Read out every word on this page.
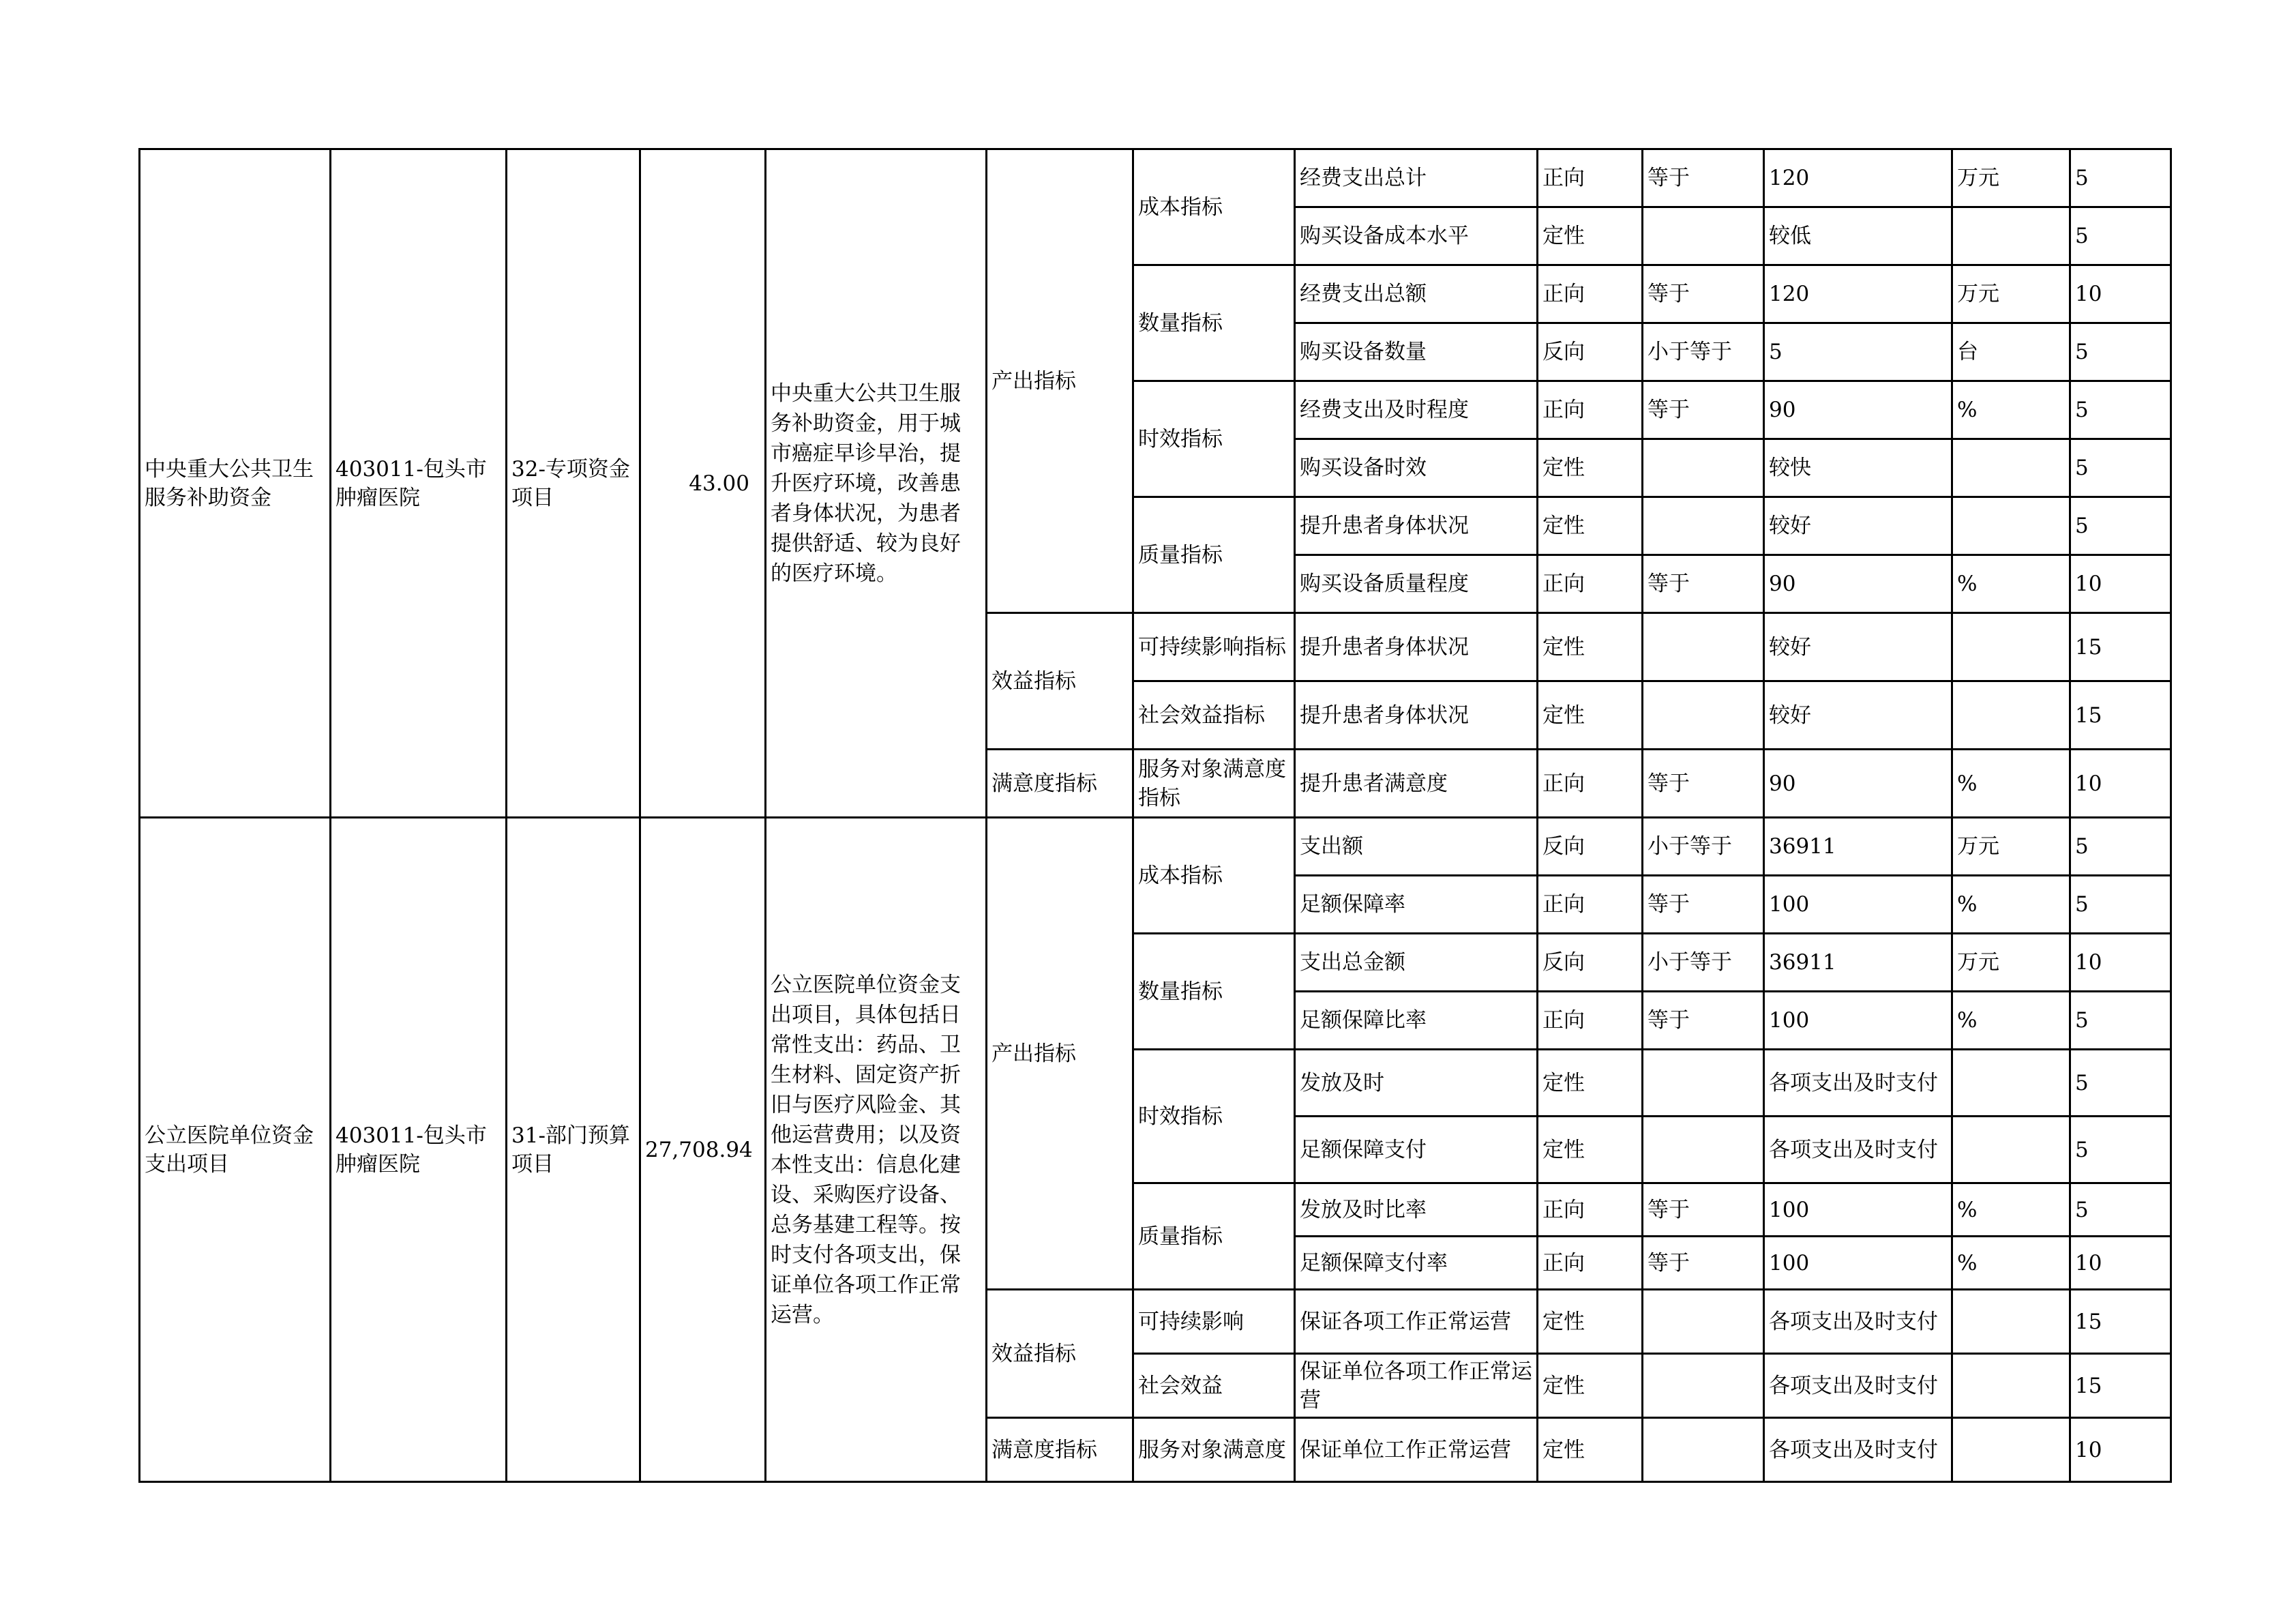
中央重大公共卫生服务补助资金	403011-包头市肿瘤医院	32-专项资金项目	43.00	中央重大公共卫生服务补助资金，用于城市癌症早诊早治，提升医疗环境，改善患者身体状况，为患者提供舒适、较为良好的医疗环境。	产出指标	成本指标	经费支出总计	正向	等于	120	万元	5
							购买设备成本水平	定性		较低		5
						数量指标	经费支出总额	正向	等于	120	万元	10
							购买设备数量	反向	小于等于	5	台	5
						时效指标	经费支出及时程度	正向	等于	90	%	5
							购买设备时效	定性		较快		5
						质量指标	提升患者身体状况	定性		较好		5
							购买设备质量程度	正向	等于	90	%	10
					效益指标	可持续影响指标	提升患者身体状况	定性		较好		15
						社会效益指标	提升患者身体状况	定性		较好		15
					满意度指标	服务对象满意度指标	提升患者满意度	正向	等于	90	%	10
公立医院单位资金支出项目	403011-包头市肿瘤医院	31-部门预算项目	27,708.94	公立医院单位资金支出项目，具体包括日常性支出：药品、卫生材料、固定资产折旧与医疗风险金、其他运营费用；以及资本性支出：信息化建设、采购医疗设备、总务基建工程等。按时支付各项支出，保证单位各项工作正常运营。	产出指标	成本指标	支出额	反向	小于等于	36911	万元	5
							足额保障率	正向	等于	100	%	5
						数量指标	支出总金额	反向	小于等于	36911	万元	10
							足额保障比率	正向	等于	100	%	5
						时效指标	发放及时	定性		各项支出及时支付		5
							足额保障支付	定性		各项支出及时支付		5
						质量指标	发放及时比率	正向	等于	100	%	5
							足额保障支付率	正向	等于	100	%	10
					效益指标	可持续影响	保证各项工作正常运营	定性		各项支出及时支付		15
						社会效益	保证单位各项工作正常运营	定性		各项支出及时支付		15
					满意度指标	服务对象满意度	保证单位工作正常运营	定性		各项支出及时支付		10
